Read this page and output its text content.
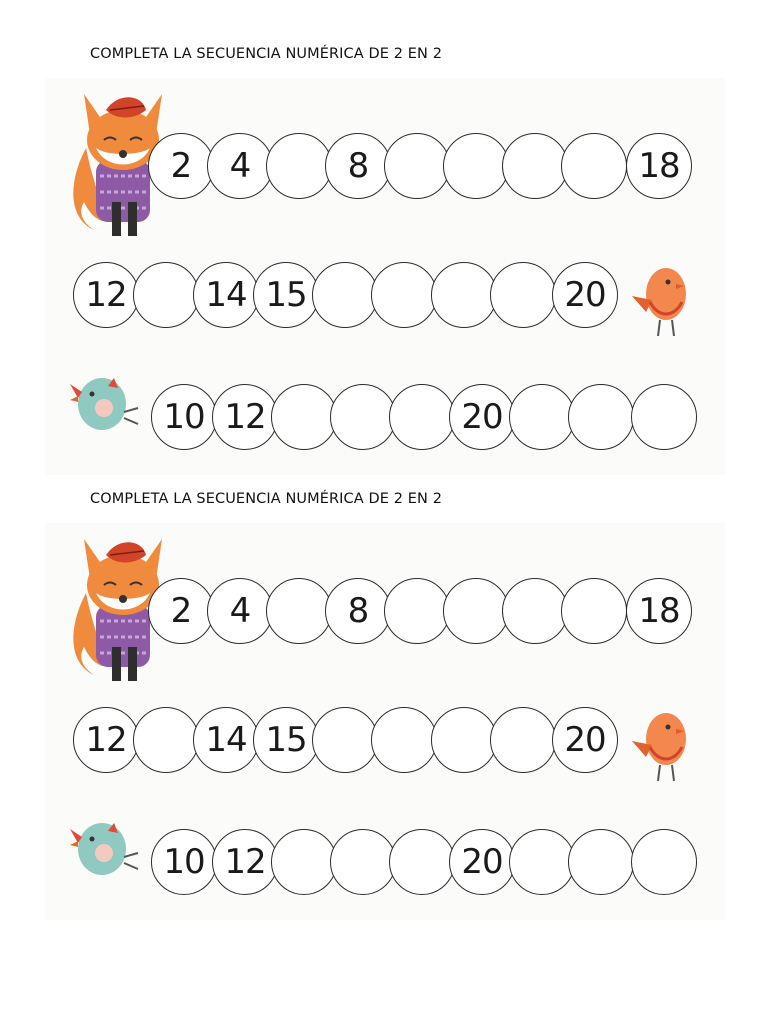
COMPLETA LA SECUENCIA NUMÉRICA DE 2 EN 2
2	4	8	18
12	14 15	20
10 12	20
COMPLETA LA SECUENCIA NUMÉRICA DE 2 EN 2
2	4	8	18
12	14 15	20
10 12	20
